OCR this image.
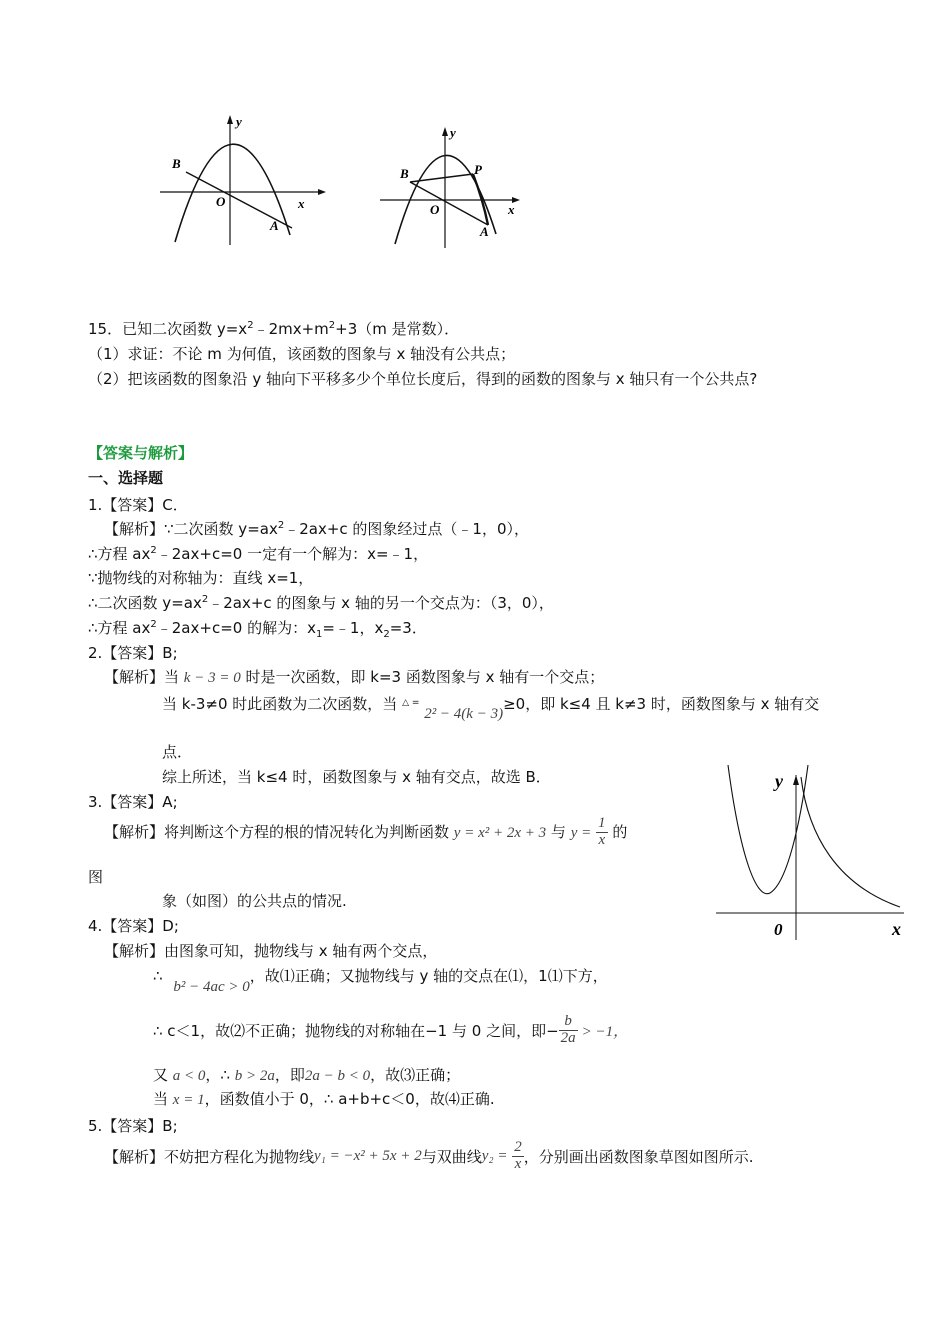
y
x
O
B
A
y
x
O
B
A
P
15．已知二次函数 $y=x^2﹣2mx+m^2+3(m$ 是常数）．
（1）求证：不论 m 为何值，该函数的图象与 x 轴没有公共点；
（2）把该函数的图象沿 y 轴向下平移多少个单位长度后，得到的函数的图象与 x 轴只有一个公共点?
【答案与解析】
一、选择题
1.【答案】C．
【解析】∵二次函数 $y=ax^2﹣2ax+c$ 的图象经过点（﹣1，0），
∴方程 $ax^2﹣2ax+c=0$ 一定有一个解为：x=﹣1，
∵抛物线的对称轴为：直线 x=1，
∴二次函数 $y=ax^2﹣2ax+c$ 的图象与 x 轴的另一个交点为：（3，0），
∴方程 $ax^2﹣2ax+c=0$ 的解为：$x_1=﹣1$，$x_2=3$．
2.【答案】B;
【解析】当 k − 3 = 0 时是一次函数，即 k=3 函数图象与 x 轴有一个交点；
当 k-3≠0 时此函数为二次函数，当 △ = 2² − 4(k − 3)≥0，即 k≤4 且 k≠3 时，函数图象与 x 轴有交
点．
综上所述，当 k≤4 时，函数图象与 x 轴有交点，故选 B．	y
x
0
3.【答案】A;
【解析】将判断这个方程的根的情况转化为判断函数 y = x² + 2x + 3 与 $y = \frac{1}{x}$ 的
图
象（如图）的公共点的情况.
4.【答案】D;
【解析】由图象可知，抛物线与 x 轴有两个交点，
∴ b² − 4ac > 0，故⑴正确；又抛物线与 y 轴的交点在⑴，1⑴下方，
∴ c＜1，故⑵不正确；抛物线的对称轴在−1 与 0 之间，即− $\frac{b}{2a} > -1$，
又 a < 0，∴ b > 2a，即2a − b < 0，故⑶正确；
当 x = 1，函数值小于 0，∴ a+b+c＜0，故⑷正确.
5.【答案】B;
【解析】不妨把方程化为抛物线y₁ = −x² + 5x + 2与双曲线$y_2 = \frac{2}{x}$ ，分别画出函数图象草图如图所示.
